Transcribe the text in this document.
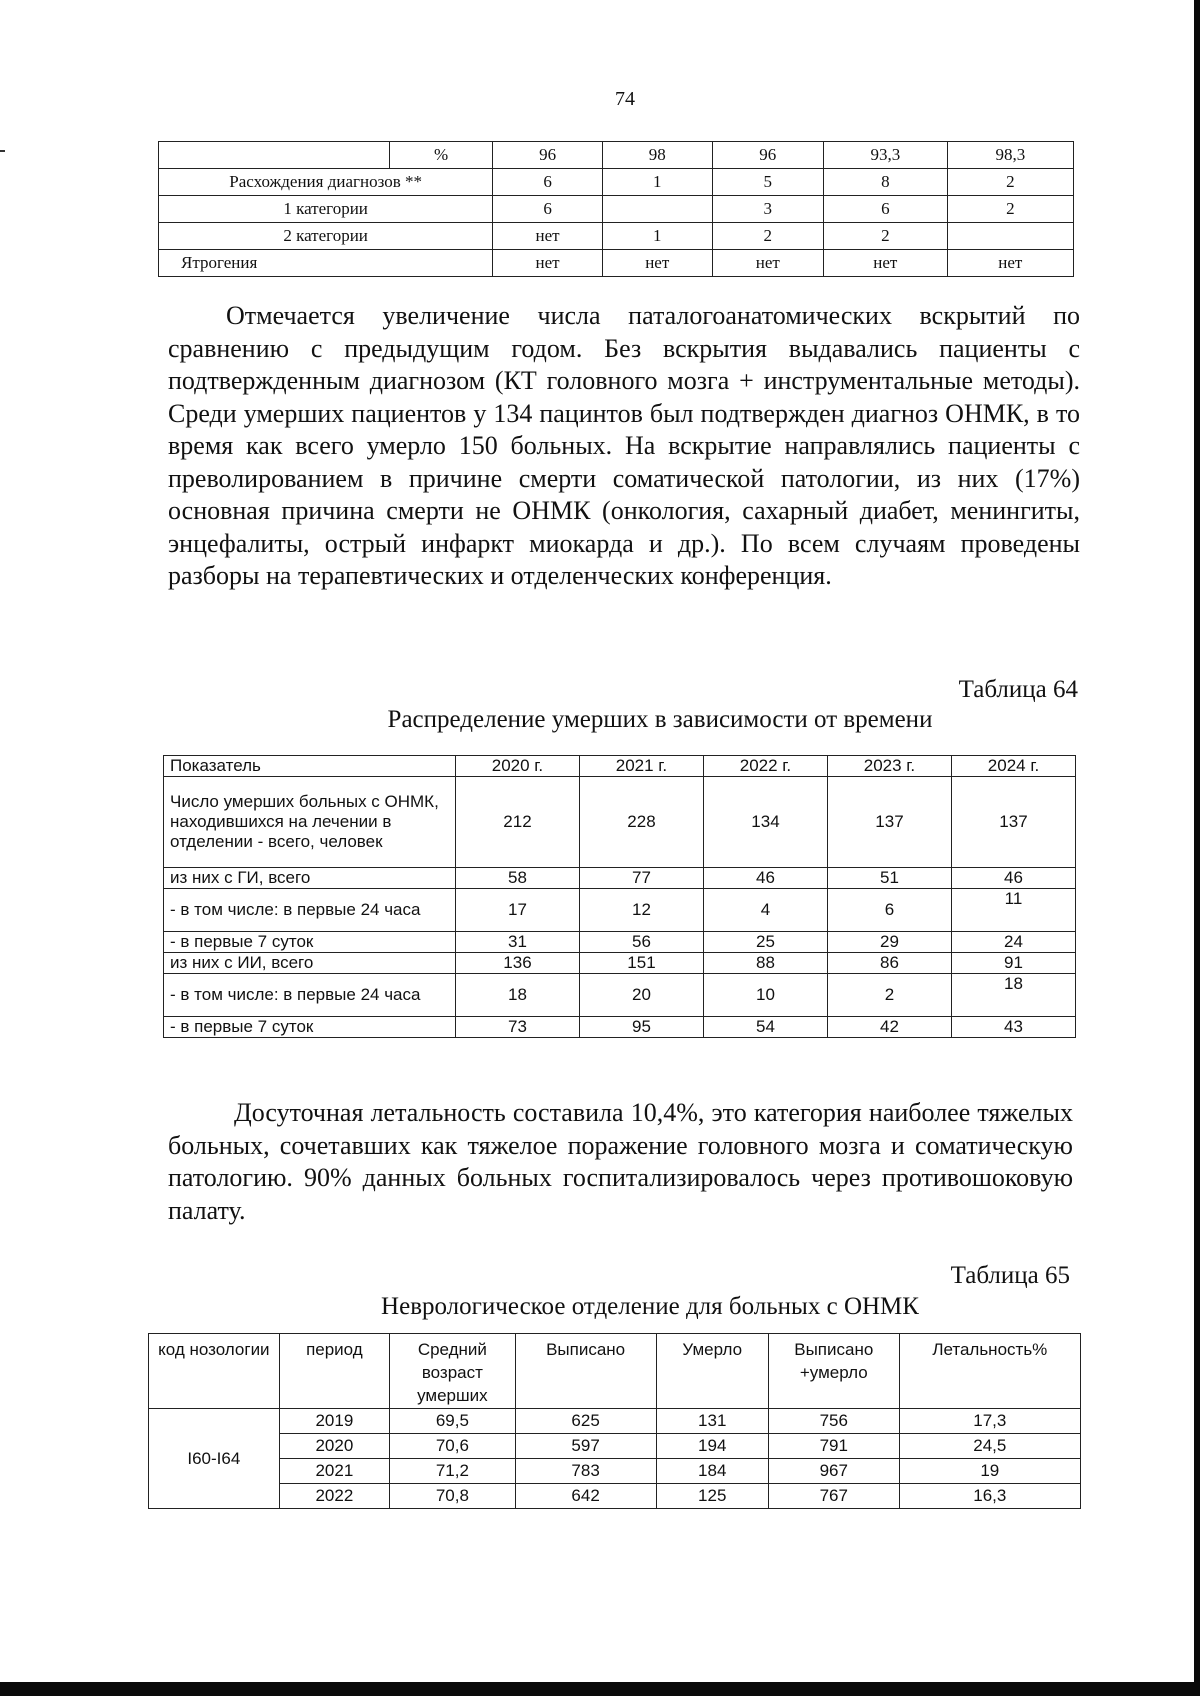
74
%	96	98	96	93,3	98,3
Расхождения диагнозов **	6	1	5	8	2
1 категории	6		3	6	2
2 категории	нет	1	2	2	
Ятрогения	нет	нет	нет	нет	нет

Отмечается увеличение числа паталогоанатомических вскрытий по сравнению с предыдущим годом. Без вскрытия выдавались пациенты с подтвержденным диагнозом (КТ головного мозга + инструментальные методы). Среди умерших пациентов у 134 пацинтов был подтвержден диагноз ОНМК, в то время как всего умерло 150 больных. На вскрытие направлялись пациенты с преволированием в причине смерти соматической патологии, из них (17%) основная причина смерти не ОНМК (онкология, сахарный диабет, менингиты, энцефалиты, острый инфаркт миокарда и др.). По всем случаям проведены разборы на терапевтических и отделенческих конференция.

Таблица 64
Распределение умерших в зависимости от времени
Показатель	2020 г.	2021 г.	2022 г.	2023 г.	2024 г.
Число умерших больных с ОНМК, находившихся на лечении в отделении - всего, человек	212	228	134	137	137
из них с ГИ, всего	58	77	46	51	46
- в том числе: в первые 24 часа	17	12	4	6	11
- в первые 7 суток	31	56	25	29	24
из них с ИИ, всего	136	151	88	86	91
- в том числе: в первые 24 часа	18	20	10	2	18
- в первые 7 суток	73	95	54	42	43

Досуточная летальность составила 10,4%, это категория наиболее тяжелых больных, сочетавших как тяжелое поражение головного мозга и соматическую патологию. 90% данных больных госпитализировалось через противошоковую палату.

Таблица 65
Неврологическое отделение для больных с ОНМК
код нозологии	период	Средний возраст умерших	Выписано	Умерло	Выписано +умерло	Летальность%
I60-I64	2019	69,5	625	131	756	17,3
	2020	70,6	597	194	791	24,5
	2021	71,2	783	184	967	19
	2022	70,8	642	125	767	16,3
